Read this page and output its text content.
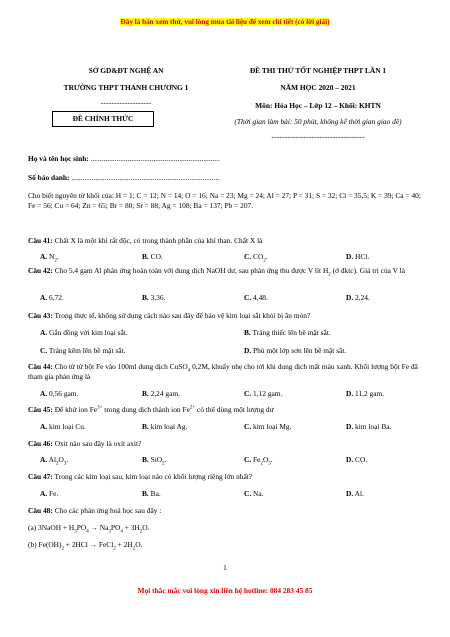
Đây là bản xem thử, vui lòng mua tài liệu để xem chi tiết (có lời giải)
SỞ GD&ĐT NGHỆ AN
TRƯỜNG THPT THANH CHƯƠNG 1
-------------------
ĐỀ CHÍNH THỨC
ĐỀ THI THỬ TỐT NGHIỆP THPT LẦN 1
NĂM HỌC 2020 – 2021
Môn: Hóa Học – Lớp 12 – Khối: KHTN
(Thời gian làm bài: 50 phút, không kể thời gian giao đề)
-----------------------------------
Họ và tên học sinh: ......................................................................
Số báo danh: ................................................................................
Cho biết nguyên tử khối của: H = 1; C = 12; N = 14; O = 16; Na = 23; Mg = 24; Al = 27; P = 31; S = 32; Cl = 35,5; K = 39; Ca = 40; Fe = 56; Cu = 64; Zn = 65; Br = 80; Sr = 88; Ag = 108; Ba = 137; Pb = 207.
Câu 41: Chất X là một khí rất độc, có trong thành phần của khí than. Chất X là
A. $N_2$.	B. CO.	C. $CO_2$.	D. HCl.
Câu 42: Cho 5,4 gam Al phản ứng hoàn toàn với dung dịch NaOH dư, sau phản ứng thu được V lít $H_2$ (ở đktc). Giá trị của V là
A. 6,72.	B. 3,36.	C. 4,48.	D. 2,24.
Câu 43: Trong thực tế, không sử dụng cách nào sau đây để bảo vệ kim loại sắt khỏi bị ăn mòn?
A. Gắn đồng với kim loại sắt.	B. Tráng thiếc lên bề mặt sắt.
C. Tráng kẽm lên bề mặt sắt.	D. Phủ một lớp sơn lên bề mặt sắt.
Câu 44: Cho từ từ bột Fe vào 100ml dung dịch CuSO$_4$ 0,2M, khuấy nhẹ cho tới khi dung dịch mất màu xanh. Khối lượng bột Fe đã tham gia phản ứng là
A. 0,56 gam.	B. 2,24 gam.	C. 1,12 gam.	D. 11,2 gam.
Câu 45: Để khử ion $Fe^{3+}$ trong dung dịch thành ion $Fe^{2+}$ có thể dùng một lượng dư
A. kim loại Cu.	B. kim loại Ag.	C. kim loại Mg.	D. kim loại Ba.
Câu 46: Oxit nào sau đây là oxit axit?
A. $Al_2O_3$.	B. SiO$_2$.	C. $Fe_2O_3$.	D. CO.
Câu 47: Trong các kim loại sau, kim loại nào có khối lượng riêng lớn nhất?
A. Fe.	B. Ba.	C. Na.	D. Al.
Câu 48: Cho các phản ứng hoá học sau đây :
(a) 3NaOH + $H_3PO_4 \to Na_3PO_4 + 3H_2O$.
(b) $Fe(OH)_2 + 2HCl$ → FeCl$_2$ + $2H_2O$.
1
Mọi thắc mắc vui lòng xin liên hệ hotline: 084 283 45 85
